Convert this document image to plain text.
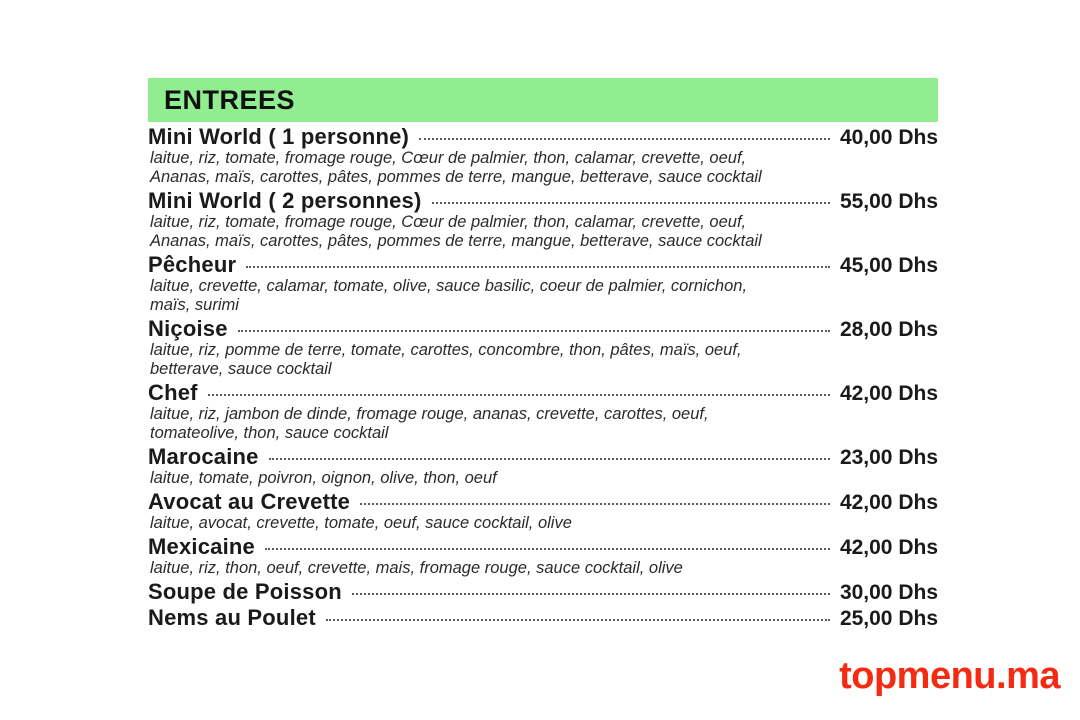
ENTREES
Mini World ( 1 personne)	40,00 Dhs
laitue, riz, tomate, fromage rouge, Cœur de palmier, thon, calamar, crevette, oeuf, Ananas, maïs, carottes, pâtes, pommes de terre, mangue, betterave, sauce cocktail
Mini World ( 2 personnes)	55,00 Dhs
laitue, riz, tomate, fromage rouge, Cœur de palmier, thon, calamar, crevette, oeuf, Ananas, maïs, carottes, pâtes, pommes de terre, mangue, betterave, sauce cocktail
Pêcheur	45,00 Dhs
laitue, crevette, calamar, tomate, olive, sauce basilic, coeur de palmier, cornichon, maïs, surimi
Niçoise	28,00 Dhs
laitue, riz, pomme de terre, tomate, carottes, concombre, thon, pâtes, maïs, oeuf, betterave, sauce cocktail
Chef	42,00 Dhs
laitue, riz, jambon de dinde, fromage rouge, ananas, crevette, carottes, oeuf, tomateolive, thon, sauce cocktail
Marocaine	23,00 Dhs
laitue, tomate, poivron, oignon, olive, thon, oeuf
Avocat au Crevette	42,00 Dhs
laitue, avocat, crevette, tomate, oeuf, sauce cocktail, olive
Mexicaine	42,00 Dhs
laitue, riz, thon, oeuf, crevette, mais, fromage rouge, sauce cocktail, olive
Soupe de Poisson	30,00 Dhs
Nems au Poulet	25,00 Dhs
topmenu.ma
